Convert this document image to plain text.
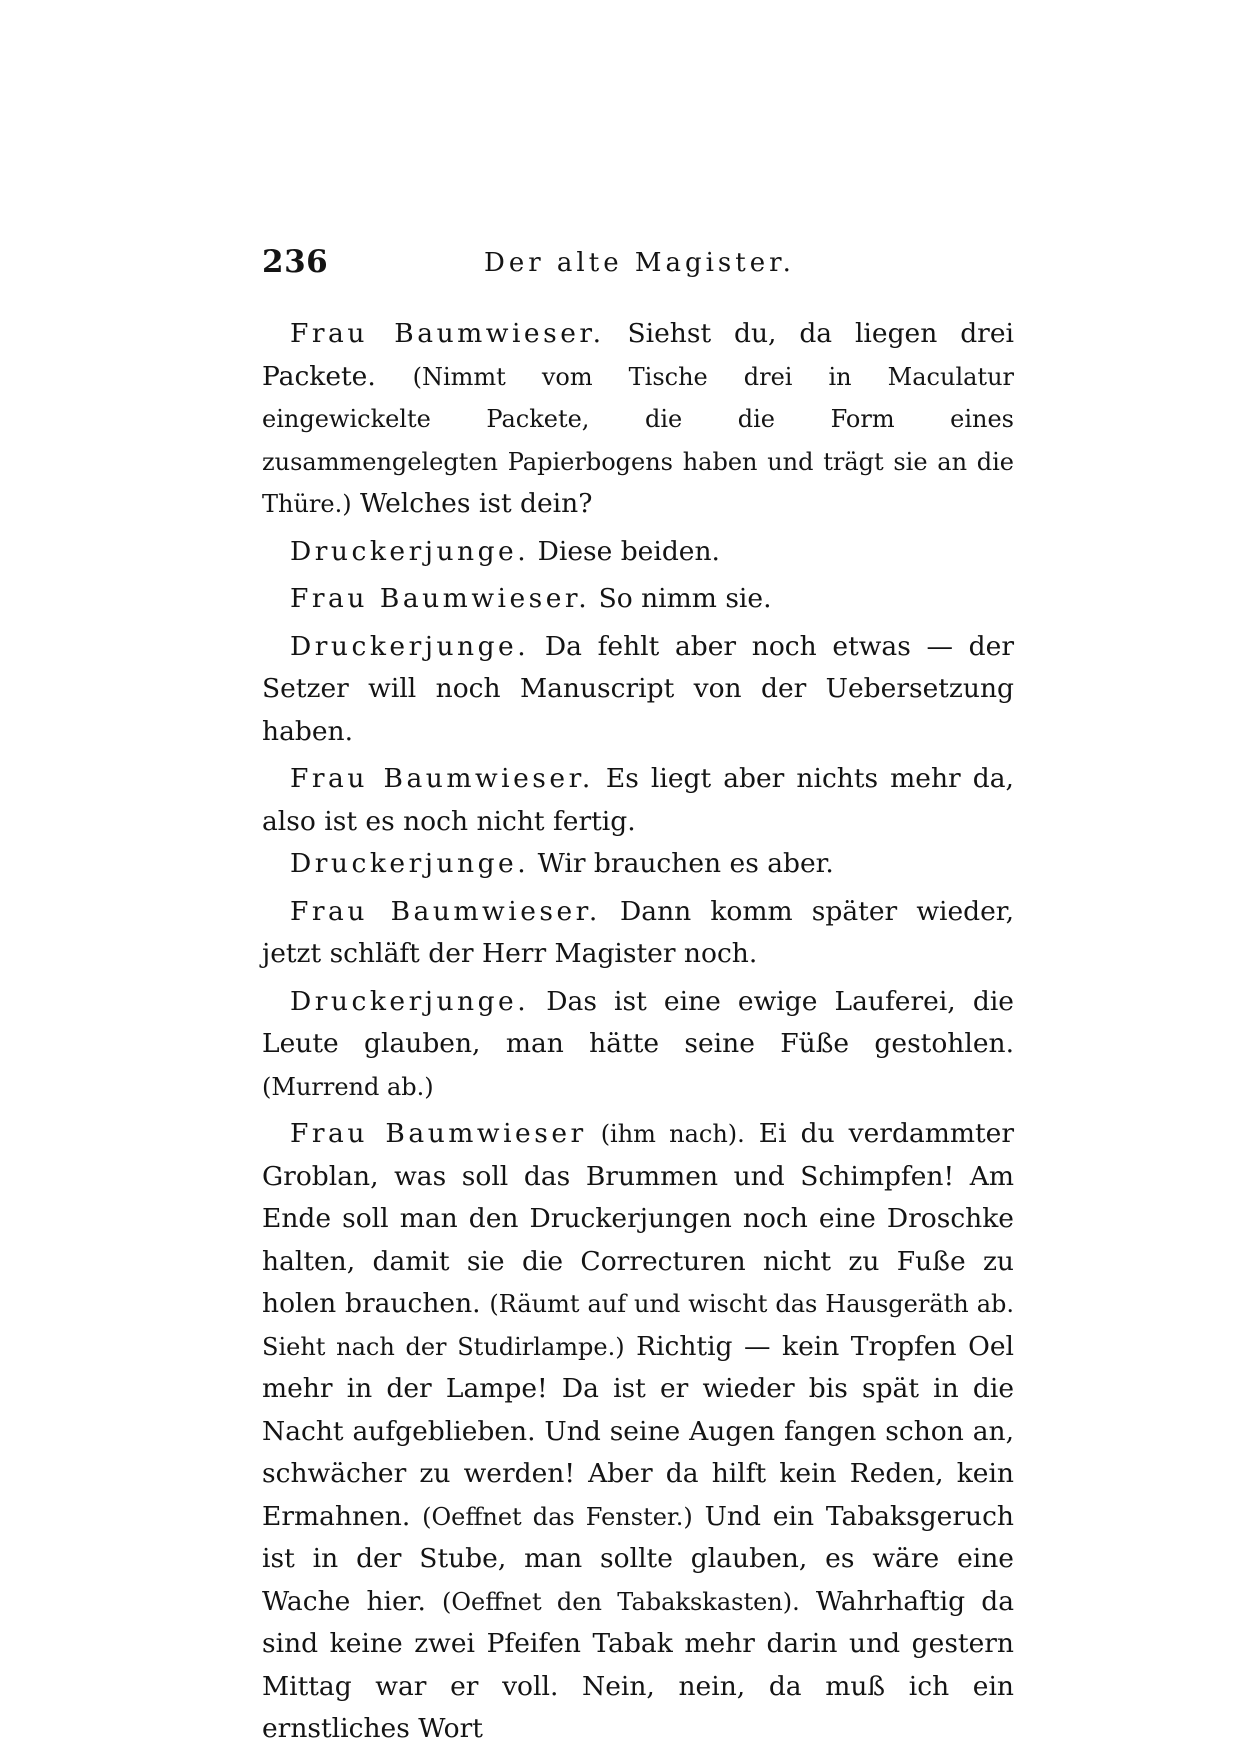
236	Der alte Magister.

Frau Baumwieser. Siehst du, da liegen drei Packete. (Nimmt vom Tische drei in Maculatur eingewickelte Packete, die die Form eines zusammengelegten Papierbogens haben und trägt sie an die Thüre.) Welches ist dein?

Druckerjunge. Diese beiden.

Frau Baumwieser. So nimm sie.

Druckerjunge. Da fehlt aber noch etwas — der Setzer will noch Manuscript von der Uebersetzung haben.

Frau Baumwieser. Es liegt aber nichts mehr da, also ist es noch nicht fertig.

Druckerjunge. Wir brauchen es aber.

Frau Baumwieser. Dann komm später wieder, jetzt schläft der Herr Magister noch.

Druckerjunge. Das ist eine ewige Lauferei, die Leute glauben, man hätte seine Füße gestohlen. (Murrend ab.)

Frau Baumwieser (ihm nach). Ei du verdammter Groblan, was soll das Brummen und Schimpfen! Am Ende soll man den Druckerjungen noch eine Droschke halten, damit sie die Correcturen nicht zu Fuße zu holen brauchen. (Räumt auf und wischt das Hausgeräth ab. Sieht nach der Studirlampe.) Richtig — kein Tropfen Oel mehr in der Lampe! Da ist er wieder bis spät in die Nacht aufgeblieben. Und seine Augen fangen schon an, schwächer zu werden! Aber da hilft kein Reden, kein Ermahnen. (Oeffnet das Fenster.) Und ein Tabaksgeruch ist in der Stube, man sollte glauben, es wäre eine Wache hier. (Oeffnet den Tabakskasten). Wahrhaftig da sind keine zwei Pfeifen Tabak mehr darin und gestern Mittag war er voll. Nein, nein, da muß ich ein ernstliches Wort
